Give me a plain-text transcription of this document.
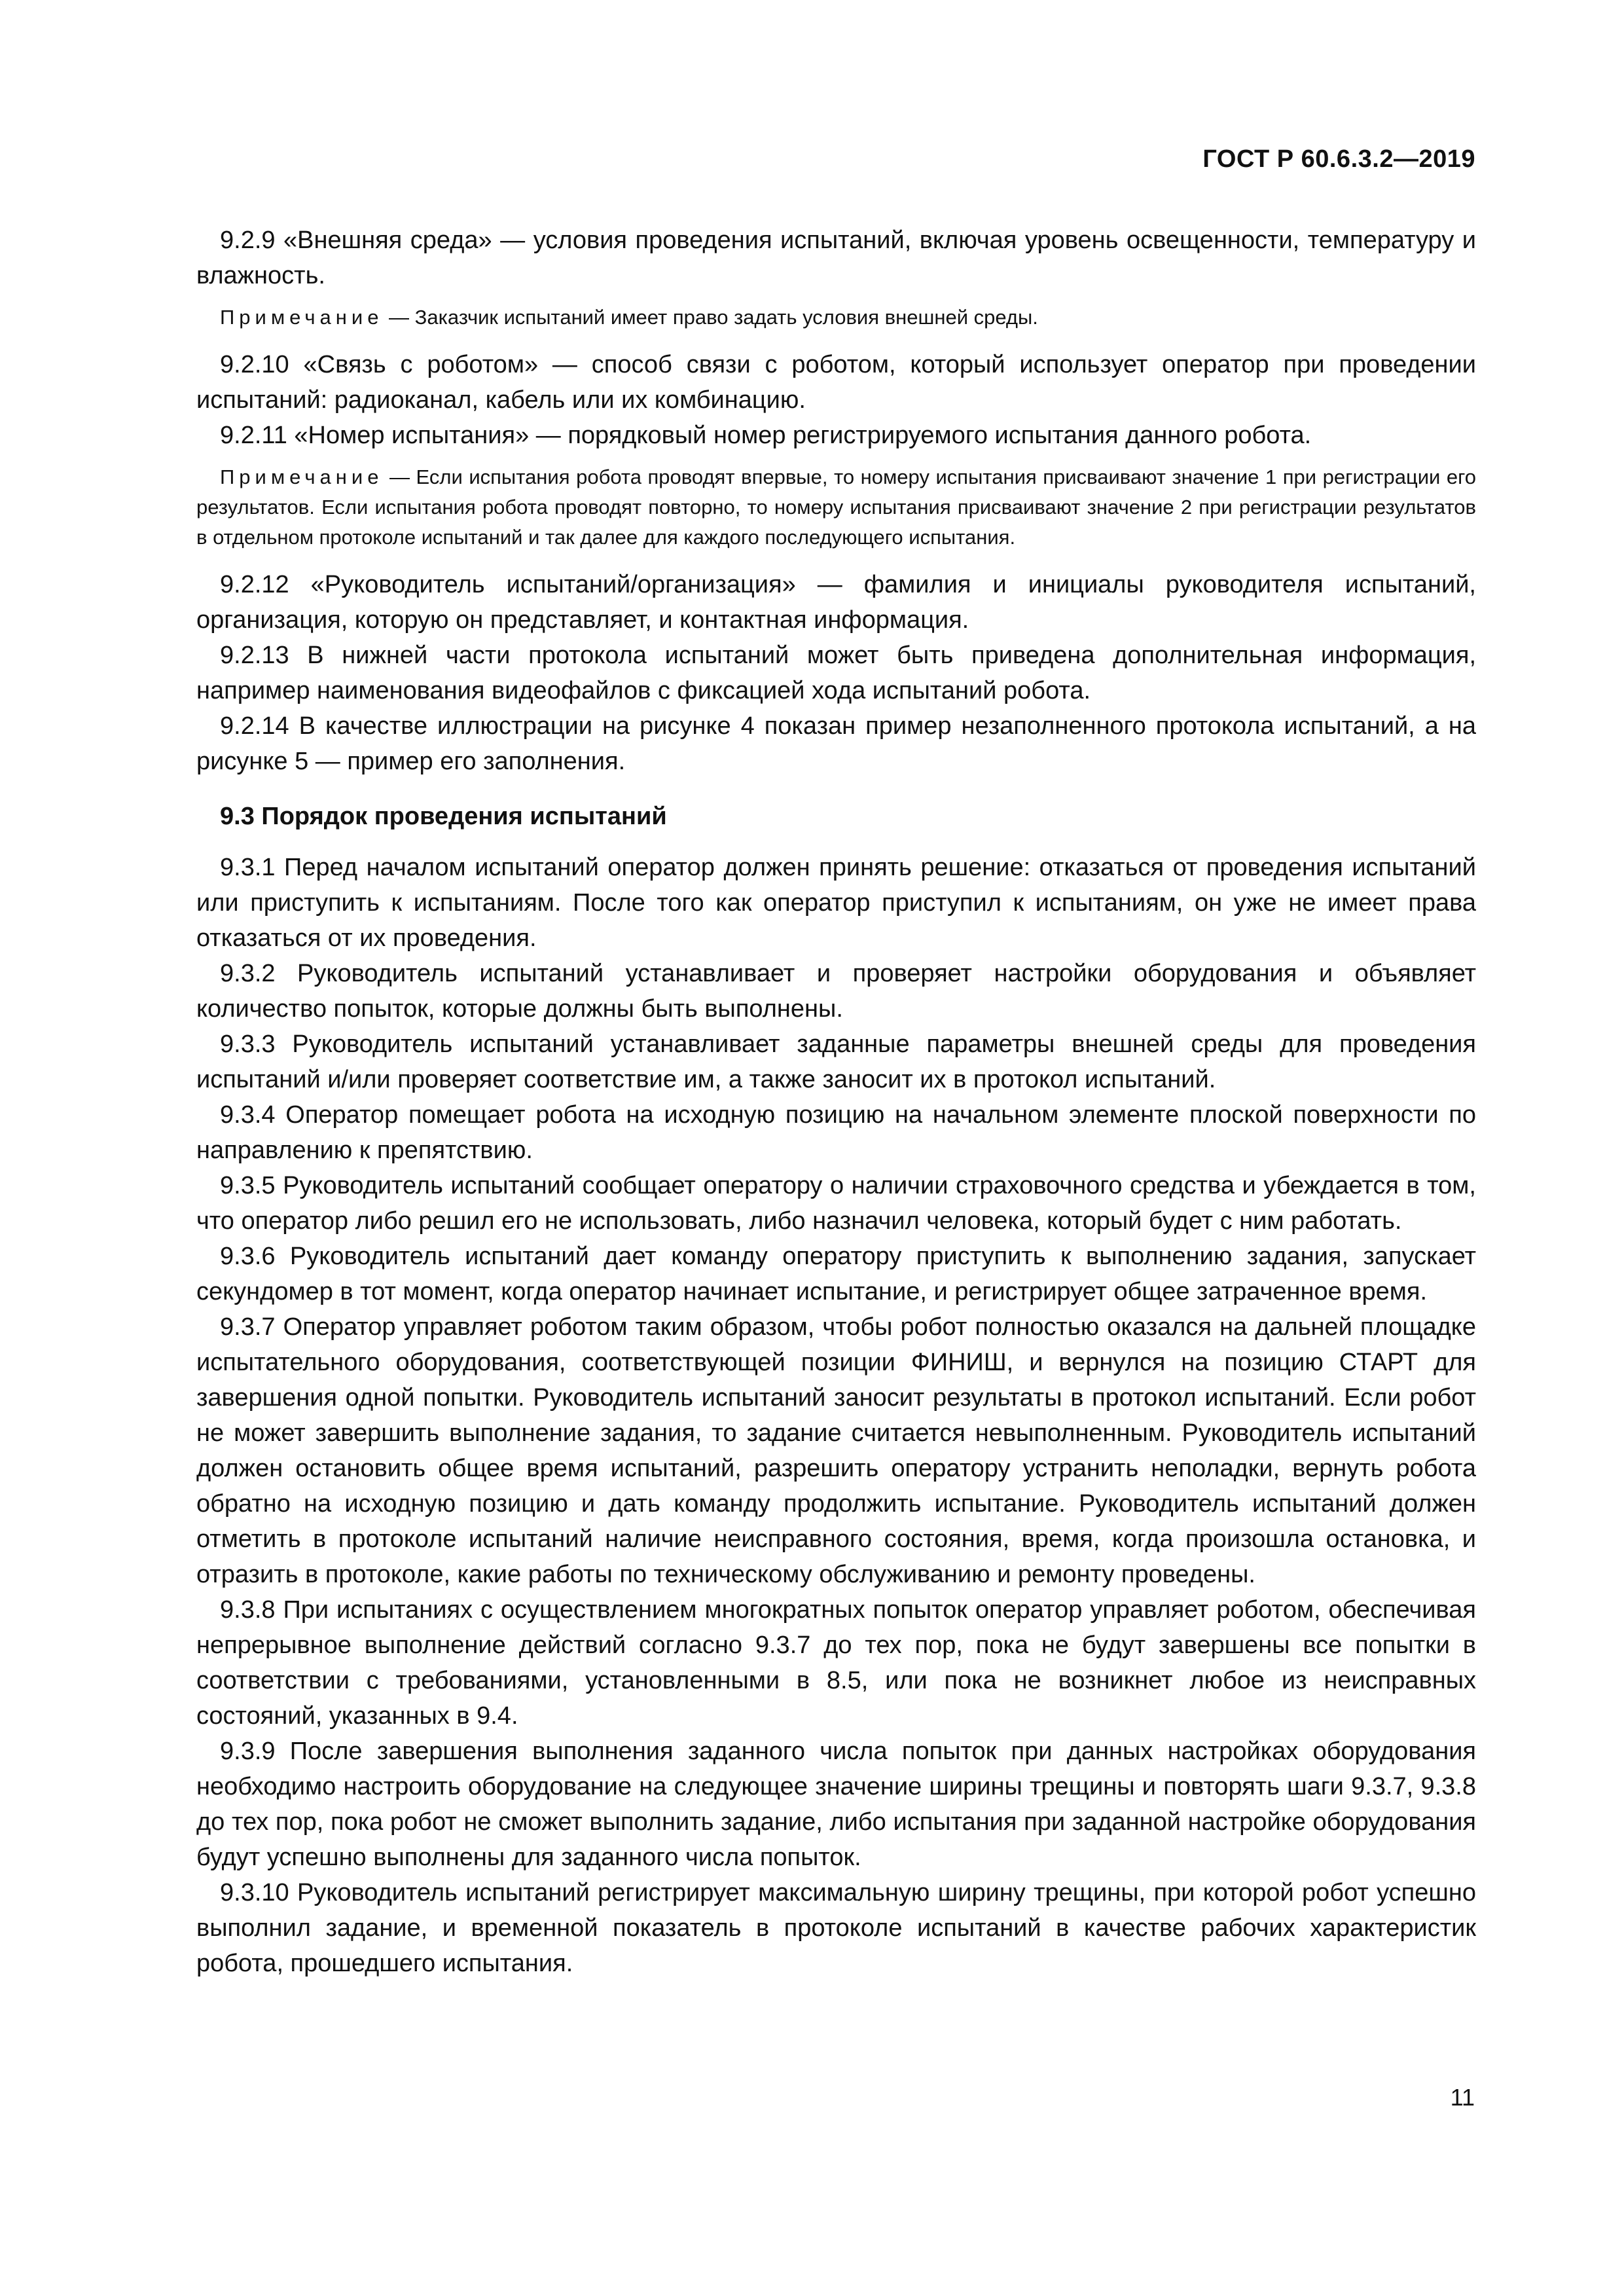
ГОСТ Р 60.6.3.2—2019

9.2.9 «Внешняя среда» — условия проведения испытаний, включая уровень освещенности, температуру и влажность.

Примечание — Заказчик испытаний имеет право задать условия внешней среды.

9.2.10 «Связь с роботом» — способ связи с роботом, который использует оператор при проведении испытаний: радиоканал, кабель или их комбинацию.

9.2.11 «Номер испытания» — порядковый номер регистрируемого испытания данного робота.

Примечание — Если испытания робота проводят впервые, то номеру испытания присваивают значение 1 при регистрации его результатов. Если испытания робота проводят повторно, то номеру испытания присваивают значение 2 при регистрации результатов в отдельном протоколе испытаний и так далее для каждого последующего испытания.

9.2.12 «Руководитель испытаний/организация» — фамилия и инициалы руководителя испытаний, организация, которую он представляет, и контактная информация.

9.2.13 В нижней части протокола испытаний может быть приведена дополнительная информация, например наименования видеофайлов с фиксацией хода испытаний робота.

9.2.14 В качестве иллюстрации на рисунке 4 показан пример незаполненного протокола испытаний, а на рисунке 5 — пример его заполнения.

9.3 Порядок проведения испытаний

9.3.1 Перед началом испытаний оператор должен принять решение: отказаться от проведения испытаний или приступить к испытаниям. После того как оператор приступил к испытаниям, он уже не имеет права отказаться от их проведения.

9.3.2 Руководитель испытаний устанавливает и проверяет настройки оборудования и объявляет количество попыток, которые должны быть выполнены.

9.3.3 Руководитель испытаний устанавливает заданные параметры внешней среды для проведения испытаний и/или проверяет соответствие им, а также заносит их в протокол испытаний.

9.3.4 Оператор помещает робота на исходную позицию на начальном элементе плоской поверхности по направлению к препятствию.

9.3.5 Руководитель испытаний сообщает оператору о наличии страховочного средства и убеждается в том, что оператор либо решил его не использовать, либо назначил человека, который будет с ним работать.

9.3.6 Руководитель испытаний дает команду оператору приступить к выполнению задания, запускает секундомер в тот момент, когда оператор начинает испытание, и регистрирует общее затраченное время.

9.3.7 Оператор управляет роботом таким образом, чтобы робот полностью оказался на дальней площадке испытательного оборудования, соответствующей позиции ФИНИШ, и вернулся на позицию СТАРТ для завершения одной попытки. Руководитель испытаний заносит результаты в протокол испытаний. Если робот не может завершить выполнение задания, то задание считается невыполненным. Руководитель испытаний должен остановить общее время испытаний, разрешить оператору устранить неполадки, вернуть робота обратно на исходную позицию и дать команду продолжить испытание. Руководитель испытаний должен отметить в протоколе испытаний наличие неисправного состояния, время, когда произошла остановка, и отразить в протоколе, какие работы по техническому обслуживанию и ремонту проведены.

9.3.8 При испытаниях с осуществлением многократных попыток оператор управляет роботом, обеспечивая непрерывное выполнение действий согласно 9.3.7 до тех пор, пока не будут завершены все попытки в соответствии с требованиями, установленными в 8.5, или пока не возникнет любое из неисправных состояний, указанных в 9.4.

9.3.9 После завершения выполнения заданного числа попыток при данных настройках оборудования необходимо настроить оборудование на следующее значение ширины трещины и повторять шаги 9.3.7, 9.3.8 до тех пор, пока робот не сможет выполнить задание, либо испытания при заданной настройке оборудования будут успешно выполнены для заданного числа попыток.

9.3.10 Руководитель испытаний регистрирует максимальную ширину трещины, при которой робот успешно выполнил задание, и временной показатель в протоколе испытаний в качестве рабочих характеристик робота, прошедшего испытания.

11
